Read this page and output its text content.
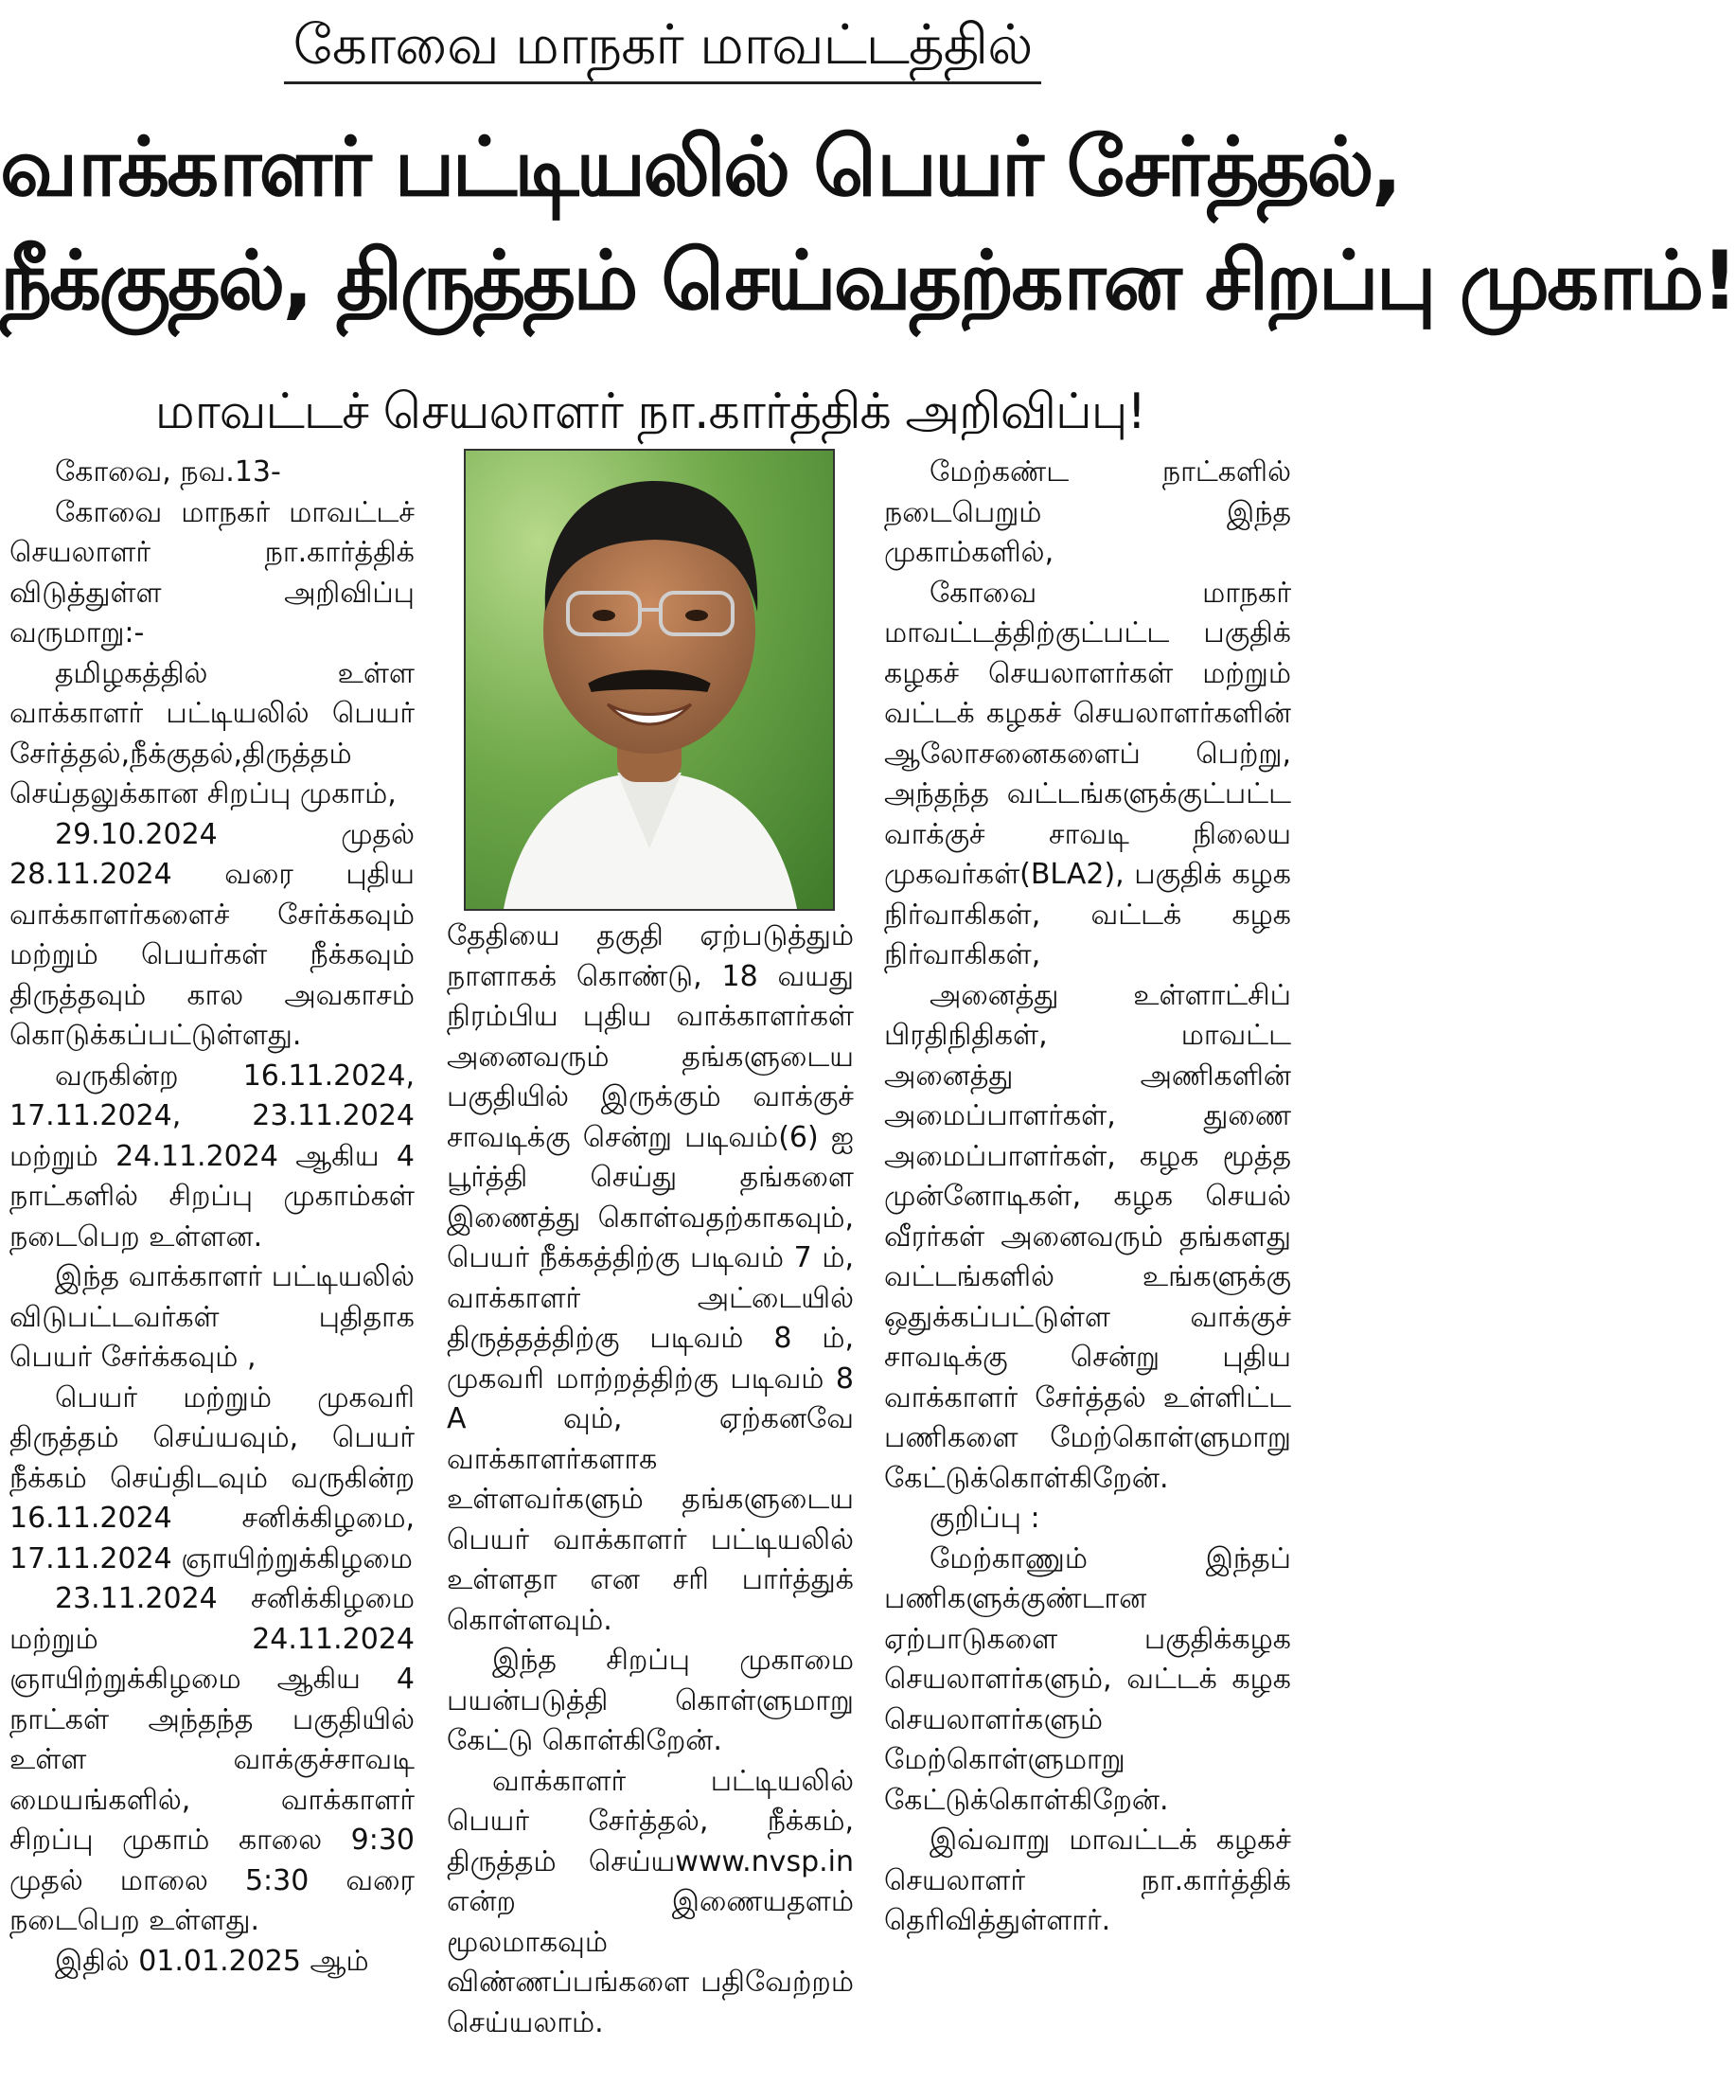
கோவை மாநகர் மாவட்டத்தில்
வாக்காளர் பட்டியலில் பெயர் சேர்த்தல்,
நீக்குதல், திருத்தம் செய்வதற்கான சிறப்பு முகாம்!
மாவட்டச் செயலாளர் நா.கார்த்திக் அறிவிப்பு!

கோவை, நவ.13-

கோவை மாநகர் மாவட்டச் செயலாளர் நா.கார்த்திக் விடுத்துள்ள அறிவிப்பு வருமாறு:-

தமிழகத்தில் உள்ள வாக்காளர் பட்டியலில் பெயர் சேர்த்தல்,நீக்குதல்,திருத்தம் செய்தலுக்கான சிறப்பு முகாம்,

29.10.2024 முதல் 28.11.2024 வரை புதிய வாக்காளர்களைச் சேர்க்கவும் மற்றும் பெயர்கள் நீக்கவும் திருத்தவும் கால அவகாசம் கொடுக்கப்பட்டுள்ளது.

வருகின்ற 16.11.2024, 17.11.2024, 23.11.2024 மற்றும் 24.11.2024 ஆகிய 4 நாட்களில் சிறப்பு முகாம்கள் நடைபெற உள்ளன.

இந்த வாக்காளர் பட்டியலில் விடுபட்டவர்கள் புதிதாக பெயர் சேர்க்கவும் ,

பெயர் மற்றும் முகவரி திருத்தம் செய்யவும், பெயர் நீக்கம் செய்திடவும் வருகின்ற 16.11.2024 சனிக்கிழமை, 17.11.2024 ஞாயிற்றுக்கிழமை

23.11.2024 சனிக்கிழமை மற்றும் 24.11.2024 ஞாயிற்றுக்கிழமை ஆகிய 4 நாட்கள் அந்தந்த பகுதியில் உள்ள வாக்குச்சாவடி மையங்களில், வாக்காளர் சிறப்பு முகாம் காலை 9:30 முதல் மாலை 5:30 வரை நடைபெற உள்ளது.

இதில் 01.01.2025 ஆம்

தேதியை தகுதி ஏற்படுத்தும் நாளாகக் கொண்டு, 18 வயது நிரம்பிய புதிய வாக்காளர்கள் அனைவரும் தங்களுடைய பகுதியில் இருக்கும் வாக்குச் சாவடிக்கு சென்று படிவம்(6) ஐ பூர்த்தி செய்து தங்களை இணைத்து கொள்வதற்காகவும், பெயர் நீக்கத்திற்கு படிவம் 7 ம், வாக்காளர் அட்டையில் திருத்தத்திற்கு படிவம் 8 ம், முகவரி மாற்றத்திற்கு படிவம் 8 A வும், ஏற்கனவே வாக்காளர்களாக உள்ளவர்களும் தங்களுடைய பெயர் வாக்காளர் பட்டியலில் உள்ளதா என சரி பார்த்துக் கொள்ளவும்.

இந்த சிறப்பு முகாமை பயன்படுத்தி கொள்ளுமாறு கேட்டு கொள்கிறேன்.

வாக்காளர் பட்டியலில் பெயர் சேர்த்தல், நீக்கம், திருத்தம் செய்யwww.nvsp.in என்ற இணையதளம் மூலமாகவும் விண்ணப்பங்களை பதிவேற்றம் செய்யலாம்.

மேற்கண்ட நாட்களில் நடைபெறும் இந்த முகாம்களில்,

கோவை மாநகர் மாவட்டத்திற்குட்பட்ட பகுதிக் கழகச் செயலாளர்கள் மற்றும் வட்டக் கழகச் செயலாளர்களின் ஆலோசனைகளைப் பெற்று, அந்தந்த வட்டங்களுக்குட்பட்ட வாக்குச் சாவடி நிலைய முகவர்கள்(BLA2), பகுதிக் கழக நிர்வாகிகள், வட்டக் கழக நிர்வாகிகள்,

அனைத்து உள்ளாட்சிப் பிரதிநிதிகள், மாவட்ட அனைத்து அணிகளின் அமைப்பாளர்கள், துணை அமைப்பாளர்கள், கழக மூத்த முன்னோடிகள், கழக செயல் வீரர்கள் அனைவரும் தங்களது வட்டங்களில் உங்களுக்கு ஒதுக்கப்பட்டுள்ள வாக்குச் சாவடிக்கு சென்று புதிய வாக்காளர் சேர்த்தல் உள்ளிட்ட பணிகளை மேற்கொள்ளுமாறு கேட்டுக்கொள்கிறேன்.

குறிப்பு :

மேற்காணும் இந்தப் பணிகளுக்குண்டான ஏற்பாடுகளை பகுதிக்கழக செயலாளர்களும், வட்டக் கழக செயலாளர்களும் மேற்கொள்ளுமாறு கேட்டுக்கொள்கிறேன்.

இவ்வாறு மாவட்டக் கழகச் செயலாளர் நா.கார்த்திக் தெரிவித்துள்ளார்.
